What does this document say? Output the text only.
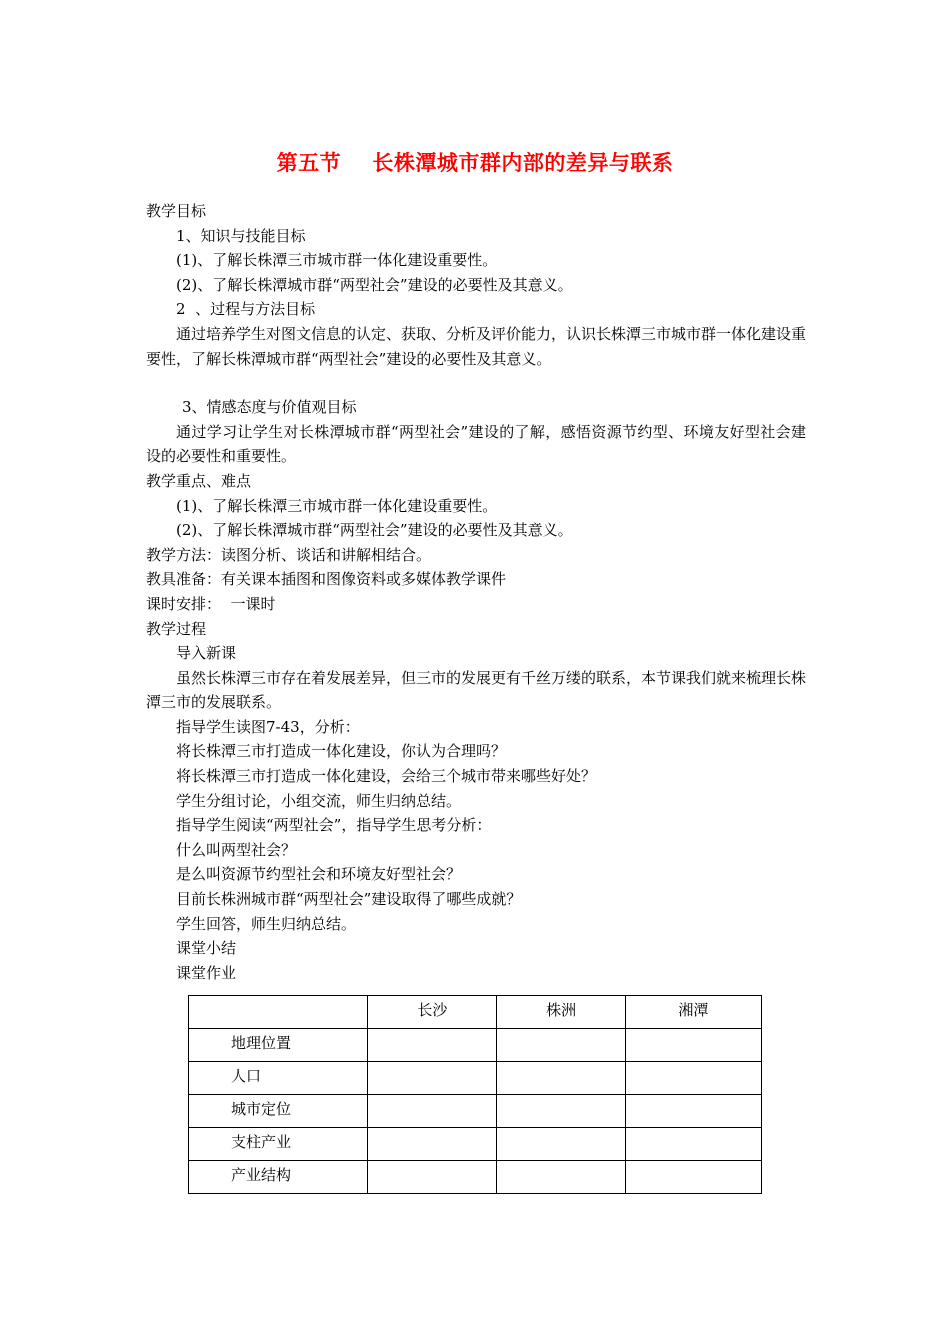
第五节    长株潭城市群内部的差异与联系

教学目标

1、知识与技能目标

(1)、了解长株潭三市城市群一体化建设重要性。

(2)、了解长株潭城市群“两型社会”建设的必要性及其意义。

2  、过程与方法目标

通过培养学生对图文信息的认定、获取、分析及评价能力，认识长株潭三市城市群一体化建设重要性，了解长株潭城市群“两型社会”建设的必要性及其意义。

3、情感态度与价值观目标

通过学习让学生对长株潭城市群“两型社会”建设的了解，感悟资源节约型、环境友好型社会建设的必要性和重要性。

教学重点、难点

(1)、了解长株潭三市城市群一体化建设重要性。

(2)、了解长株潭城市群“两型社会”建设的必要性及其意义。

教学方法：读图分析、谈话和讲解相结合。

教具准备：有关课本插图和图像资料或多媒体教学课件

课时安排：  一课时

教学过程

导入新课

虽然长株潭三市存在着发展差异，但三市的发展更有千丝万缕的联系，本节课我们就来梳理长株潭三市的发展联系。

指导学生读图7-43，分析：

将长株潭三市打造成一体化建设，你认为合理吗？

将长株潭三市打造成一体化建设，会给三个城市带来哪些好处？

学生分组讨论，小组交流，师生归纳总结。

指导学生阅读“两型社会”，指导学生思考分析：

什么叫两型社会？

是么叫资源节约型社会和环境友好型社会？

目前长株洲城市群“两型社会”建设取得了哪些成就？

学生回答，师生归纳总结。

课堂小结

课堂作业

	长沙	株洲	湘潭
地理位置			
人口			
城市定位			
支柱产业			
产业结构			
